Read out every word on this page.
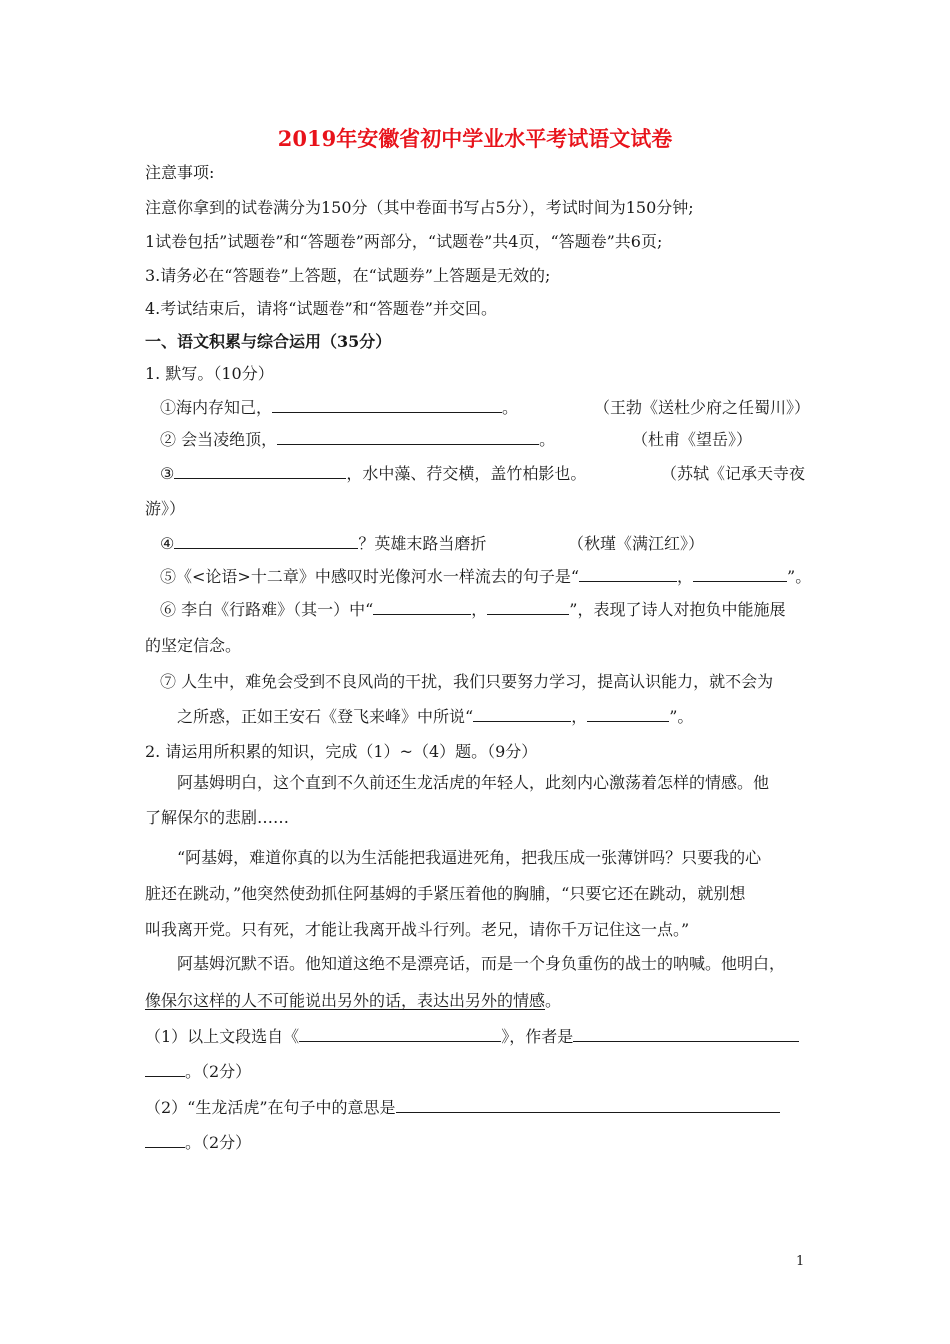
2019年安徽省初中学业水平考试语文试卷
注意事项:
注意你拿到的试卷满分为150分（其中卷面书写占5分），考试时间为150分钟;
1试卷包括”试题卷”和“答题卷”两部分，“试题卷”共4页，“答题卷”共6页;
3.请务必在“答题卷”上答题，在“试题券”上答题是无效的;
4.考试结束后，请将“试题卷”和“答题卷”并交回。
一、语文积累与综合运用（35分）
1. 默写。（10分）
①海内存知己，	。	（王勃《送杜少府之任蜀川》）
② 会当凌绝顶，	。	（杜甫《望岳》）
③	，水中藻、荇交横，盖竹柏影也。	（苏轼《记承天寺夜
游》）
④	？英雄末路当磨折	（秋瑾《满江红》）
⑤《<论语>十二章》中感叹时光像河水一样流去的句子是“	，	”。
⑥ 李白《行路难》（其一）中“	，	”，表现了诗人对抱负中能施展
的坚定信念。
⑦ 人生中，难免会受到不良风尚的干扰，我们只要努力学习，提高认识能力，就不会为
之所惑，正如王安石《登飞来峰》中所说“	，	”。
2. 请运用所积累的知识，完成（1）~（4）题。（9分）
阿基姆明白，这个直到不久前还生龙活虎的年轻人，此刻内心激荡着怎样的情感。他
了解保尔的悲剧……
“阿基姆，难道你真的以为生活能把我逼进死角，把我压成一张薄饼吗？只要我的心
脏还在跳动，”他突然使劲抓住阿基姆的手紧压着他的胸脯，“只要它还在跳动，就别想
叫我离开党。只有死，才能让我离开战斗行列。老兄，请你千万记住这一点。”
阿基姆沉默不语。他知道这绝不是漂亮话，而是一个身负重伤的战士的呐喊。他明白，
像保尔这样的人不可能说出另外的话，表达出另外的情感。
（1）以上文段选自《	》，作者是
。（2分）
（2）“生龙活虎”在句子中的意思是
。（2分）
1
